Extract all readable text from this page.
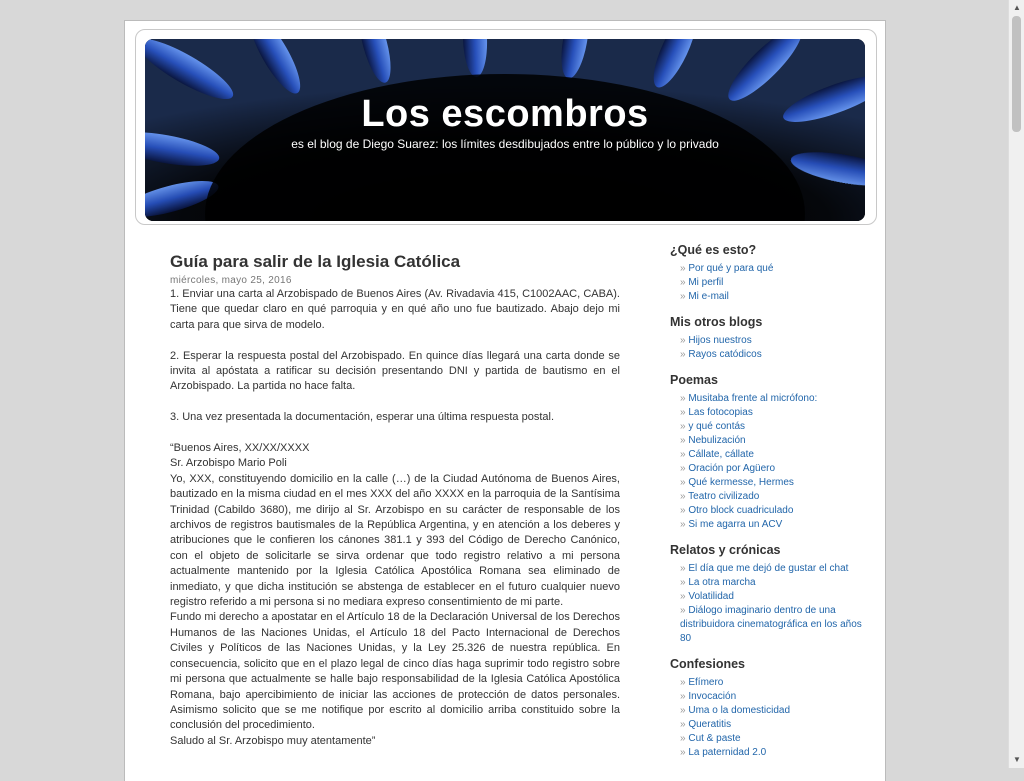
Los escombros
es el blog de Diego Suarez: los límites desdibujados entre lo público y lo privado
Guía para salir de la Iglesia Católica
miércoles, mayo 25, 2016

1. Enviar una carta al Arzobispado de Buenos Aires (Av. Rivadavia 415, C1002AAC, CABA). Tiene que quedar claro en qué parroquia y en qué año uno fue bautizado. Abajo dejo mi carta para que sirva de modelo.

2. Esperar la respuesta postal del Arzobispado. En quince días llegará una carta donde se invita al apóstata a ratificar su decisión presentando DNI y partida de bautismo en el Arzobispado. La partida no hace falta.

3. Una vez presentada la documentación, esperar una última respuesta postal.

“Buenos Aires, XX/XX/XXXX

Sr. Arzobispo Mario Poli

Yo, XXX, constituyendo domicilio en la calle (…) de la Ciudad Autónoma de Buenos Aires, bautizado en la misma ciudad en el mes XXX del año XXXX en la parroquia de la Santísima Trinidad (Cabildo 3680), me dirijo al Sr. Arzobispo en su carácter de responsable de los archivos de registros bautismales de la República Argentina, y en atención a los deberes y atribuciones que le confieren los cánones 381.1 y 393 del Código de Derecho Canónico, con el objeto de solicitarle se sirva ordenar que todo registro relativo a mi persona actualmente mantenido por la Iglesia Católica Apostólica Romana sea eliminado de inmediato, y que dicha institución se abstenga de establecer en el futuro cualquier nuevo registro referido a mi persona si no mediara expreso consentimiento de mi parte.

Fundo mi derecho a apostatar en el Artículo 18 de la Declaración Universal de los Derechos Humanos de las Naciones Unidas, el Artículo 18 del Pacto Internacional de Derechos Civiles y Políticos de las Naciones Unidas, y la Ley 25.326 de nuestra república. En consecuencia, solicito que en el plazo legal de cinco días haga suprimir todo registro sobre mi persona que actualmente se halle bajo responsabilidad de la Iglesia Católica Apostólica Romana, bajo apercibimiento de iniciar las acciones de protección de datos personales. Asimismo solicito que se me notifique por escrito al domicilio arriba constituido sobre la conclusión del procedimiento.

Saludo al Sr. Arzobispo muy atentamente”

¿Qué es esto?
» Por qué y para qué
» Mi perfil
» Mi e-mail
Mis otros blogs
» Hijos nuestros
» Rayos catódicos
Poemas
» Musitaba frente al micrófono:
» Las fotocopias
» y qué contás
» Nebulización
» Cállate, cállate
» Oración por Agüero
» Qué kermesse, Hermes
» Teatro civilizado
» Otro block cuadriculado
» Si me agarra un ACV
Relatos y crónicas
» El día que me dejó de gustar el chat
» La otra marcha
» Volatilidad
» Diálogo imaginario dentro de una distribuidora cinematográfica en los años 80
Confesiones
» Efímero
» Invocación
» Uma o la domesticidad
» Queratitis
» Cut & paste
» La paternidad 2.0
▲
▼
